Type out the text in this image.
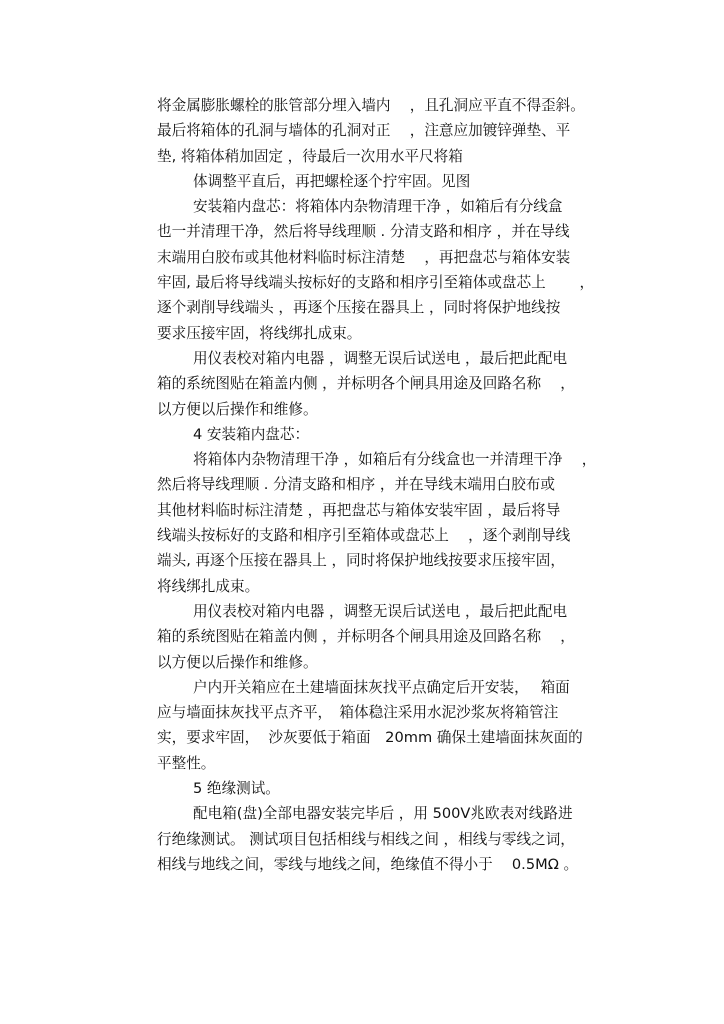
将金属膨胀螺栓的胀管部分埋入墙内　 ，且孔洞应平直不得歪斜。
最后将箱体的孔洞与墙体的孔洞对正　 ，注意应加镀锌弹垫、平
垫, 将箱体稍加固定 ，待最后一次用水平尺将箱
体调整平直后，再把螺栓逐个拧牢固。见图
安装箱内盘芯：将箱体内杂物清理干净 ，如箱后有分线盒
也一并清理干净，然后将导线理顺 . 分清支路和相序 ，并在导线
末端用白胶布或其他材料临时标注清楚　 ，再把盘芯与箱体安装
牢固, 最后将导线端头按标好的支路和相序引至箱体或盘芯上　　 ，
逐个剥削导线端头 ，再逐个压接在器具上 ，同时将保护地线按
要求压接牢固，将线绑扎成束。
用仪表校对箱内电器 ，调整无误后试送电 ，最后把此配电
箱的系统图贴在箱盖内侧 ，并标明各个闸具用途及回路名称　 ，
以方便以后操作和维修。
4 安装箱内盘芯：
将箱体内杂物清理干净 ，如箱后有分线盒也一并清理干净　 ，
然后将导线理顺 . 分清支路和相序 ，并在导线末端用白胶布或
其他材料临时标注清楚 ，再把盘芯与箱体安装牢固 ，最后将导
线端头按标好的支路和相序引至箱体或盘芯上　 ，逐个剥削导线
端头, 再逐个压接在器具上 ，同时将保护地线按要求压接牢固，
将线绑扎成束。
用仪表校对箱内电器 ，调整无误后试送电 ，最后把此配电
箱的系统图贴在箱盖内侧 ，并标明各个闸具用途及回路名称　 ，
以方便以后操作和维修。
户内开关箱应在土建墙面抹灰找平点确定后开安装，　 箱面
应与墙面抹灰找平点齐平，　箱体稳注采用水泥沙浆灰将箱管注
实，要求牢固，  沙灰要低于箱面　20mm 确保土建墙面抹灰面的
平整性。
5 绝缘测试。
配电箱(盘)全部电器安装完毕后 ，用 500V兆欧表对线路进
行绝缘测试。 测试项目包括相线与相线之间 ，相线与零线之词，
相线与地线之间，零线与地线之间，绝缘值不得小于　 0.5MΩ 。
